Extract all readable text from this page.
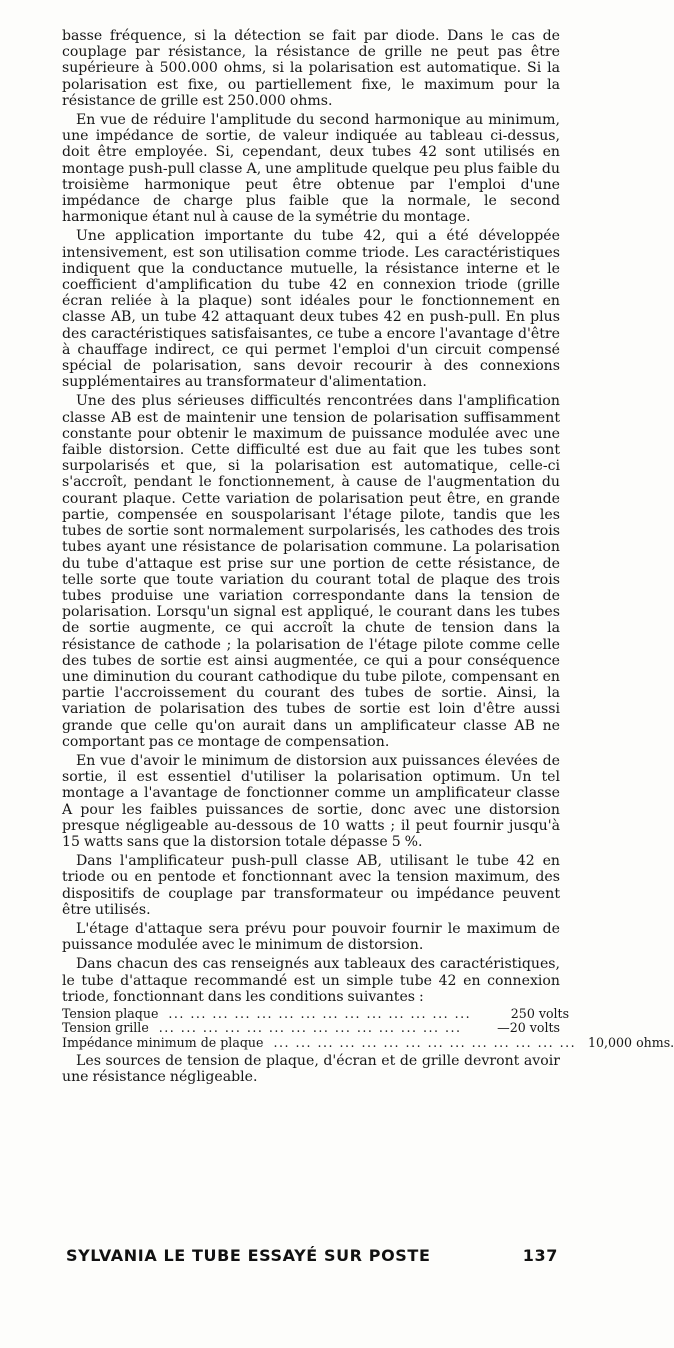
basse fréquence, si la détection se fait par diode. Dans le cas de couplage par résistance, la résistance de grille ne peut pas être supérieure à 500.000 ohms, si la polarisation est automatique. Si la polarisation est fixe, ou partiellement fixe, le maximum pour la résistance de grille est 250.000 ohms.

En vue de réduire l'amplitude du second harmonique au minimum, une impédance de sortie, de valeur indiquée au tableau ci-dessus, doit être employée. Si, cependant, deux tubes 42 sont utilisés en montage push-pull classe A, une amplitude quelque peu plus faible du troisième harmonique peut être obtenue par l'emploi d'une impédance de charge plus faible que la normale, le second harmonique étant nul à cause de la symétrie du montage.

Une application importante du tube 42, qui a été développée intensivement, est son utilisation comme triode. Les caractéristiques indiquent que la conductance mutuelle, la résistance interne et le coefficient d'amplification du tube 42 en connexion triode (grille écran reliée à la plaque) sont idéales pour le fonctionnement en classe AB, un tube 42 attaquant deux tubes 42 en push-pull. En plus des caractéristiques satisfaisantes, ce tube a encore l'avantage d'être à chauffage indirect, ce qui permet l'emploi d'un circuit compensé spécial de polarisation, sans devoir recourir à des connexions supplémentaires au transformateur d'alimentation.

Une des plus sérieuses difficultés rencontrées dans l'amplification classe AB est de maintenir une tension de polarisation suffisamment constante pour obtenir le maximum de puissance modulée avec une faible distorsion. Cette difficulté est due au fait que les tubes sont surpolarisés et que, si la polarisation est automatique, celle-ci s'accroît, pendant le fonctionnement, à cause de l'augmentation du courant plaque. Cette variation de polarisation peut être, en grande partie, compensée en souspolarisant l'étage pilote, tandis que les tubes de sortie sont normalement surpolarisés, les cathodes des trois tubes ayant une résistance de polarisation commune. La polarisation du tube d'attaque est prise sur une portion de cette résistance, de telle sorte que toute variation du courant total de plaque des trois tubes produise une variation correspondante dans la tension de polarisation. Lorsqu'un signal est appliqué, le courant dans les tubes de sortie augmente, ce qui accroît la chute de tension dans la résistance de cathode ; la polarisation de l'étage pilote comme celle des tubes de sortie est ainsi augmentée, ce qui a pour conséquence une diminution du courant cathodique du tube pilote, compensant en partie l'accroissement du courant des tubes de sortie. Ainsi, la variation de polarisation des tubes de sortie est loin d'être aussi grande que celle qu'on aurait dans un amplificateur classe AB ne comportant pas ce montage de compensation.

En vue d'avoir le minimum de distorsion aux puissances élevées de sortie, il est essentiel d'utiliser la polarisation optimum. Un tel montage a l'avantage de fonctionner comme un amplificateur classe A pour les faibles puissances de sortie, donc avec une distorsion presque négligeable au-dessous de 10 watts ; il peut fournir jusqu'à 15 watts sans que la distorsion totale dépasse 5 %.

Dans l'amplificateur push-pull classe AB, utilisant le tube 42 en triode ou en pentode et fonctionnant avec la tension maximum, des dispositifs de couplage par transformateur ou impédance peuvent être utilisés.

L'étage d'attaque sera prévu pour pouvoir fournir le maximum de puissance modulée avec le minimum de distorsion.

Dans chacun des cas renseignés aux tableaux des caractéristiques, le tube d'attaque recommandé est un simple tube 42 en connexion triode, fonctionnant dans les conditions suivantes :

Tension plaque ... ... ... ... ... ... ... ... ... ... ... ... ... ...	250 volts
Tension grille ... ... ... ... ... ... ... ... ... ... ... ... ... ...	—20 volts
Impédance minimum de plaque ... ... ... ... ... ... ... ... ... ... ... ... ... ... 10,000 ohms.

Les sources de tension de plaque, d'écran et de grille devront avoir une résistance négligeable.

SYLVANIA LE TUBE ESSAYÉ SUR POSTE	137
